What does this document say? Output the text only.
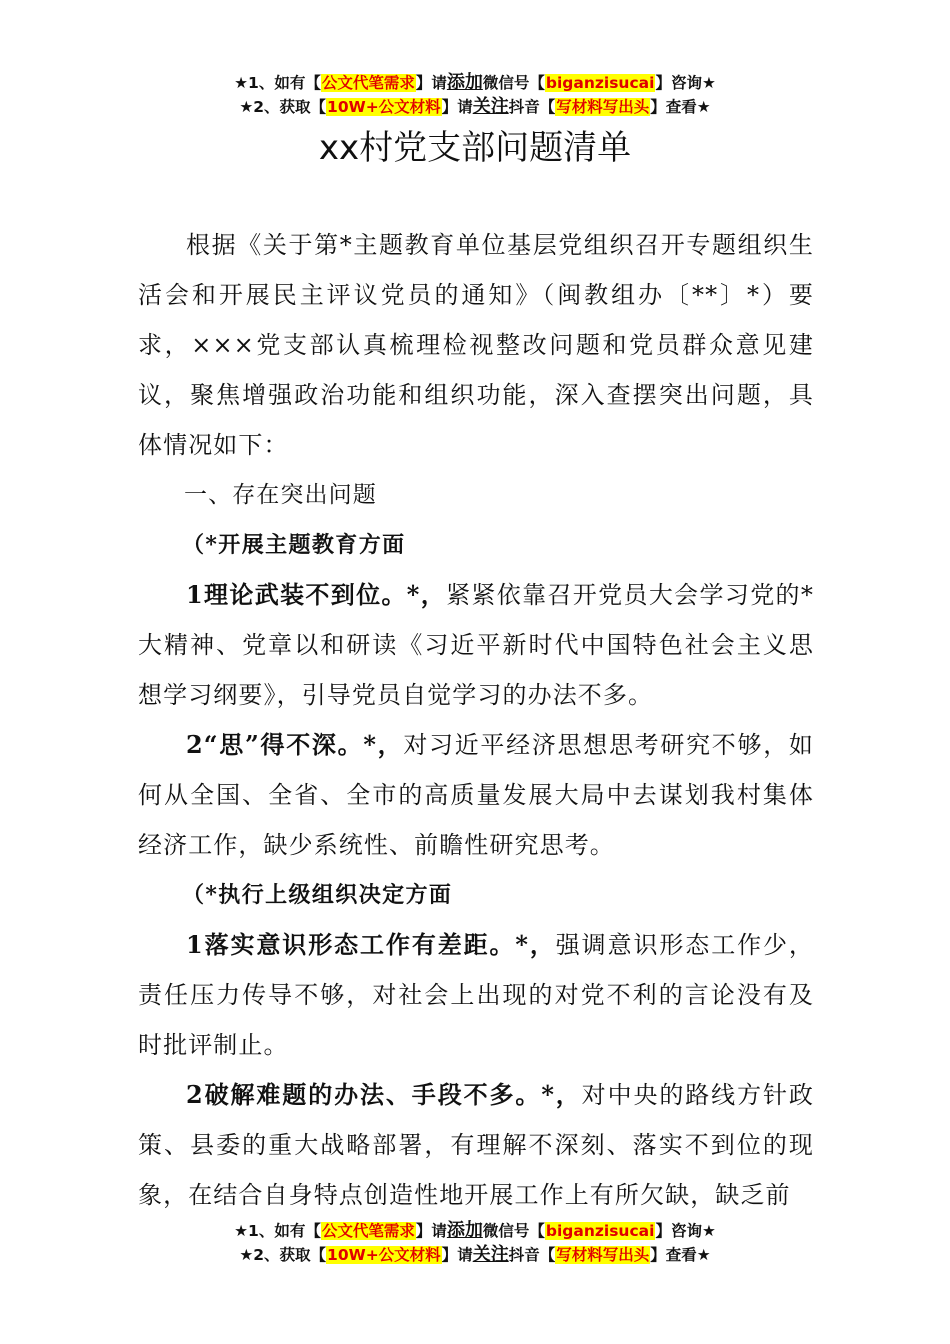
★1、如有【公文代笔需求】请添加微信号【biganzisucai】咨询★
★2、获取【10W+公文材料】请关注抖音【写材料写出头】查看★
xx村党支部问题清单

根据《关于第*主题教育单位基层党组织召开专题组织生活会和开展民主评议党员的通知》（闽教组办〔**〕*）要求，×××党支部认真梳理检视整改问题和党员群众意见建议，聚焦增强政治功能和组织功能，深入查摆突出问题，具体情况如下：

一、存在突出问题

（*开展主题教育方面

1理论武装不到位。*，紧紧依靠召开党员大会学习党的*大精神、党章以和研读《习近平新时代中国特色社会主义思想学习纲要》，引导党员自觉学习的办法不多。

2“思”得不深。*，对习近平经济思想思考研究不够，如何从全国、全省、全市的高质量发展大局中去谋划我村集体经济工作，缺少系统性、前瞻性研究思考。

（*执行上级组织决定方面

1落实意识形态工作有差距。*，强调意识形态工作少，责任压力传导不够，对社会上出现的对党不利的言论没有及时批评制止。

2破解难题的办法、手段不多。*，对中央的路线方针政策、县委的重大战略部署，有理解不深刻、落实不到位的现象，在结合自身特点创造性地开展工作上有所欠缺，缺乏前

★1、如有【公文代笔需求】请添加微信号【biganzisucai】咨询★
★2、获取【10W+公文材料】请关注抖音【写材料写出头】查看★
